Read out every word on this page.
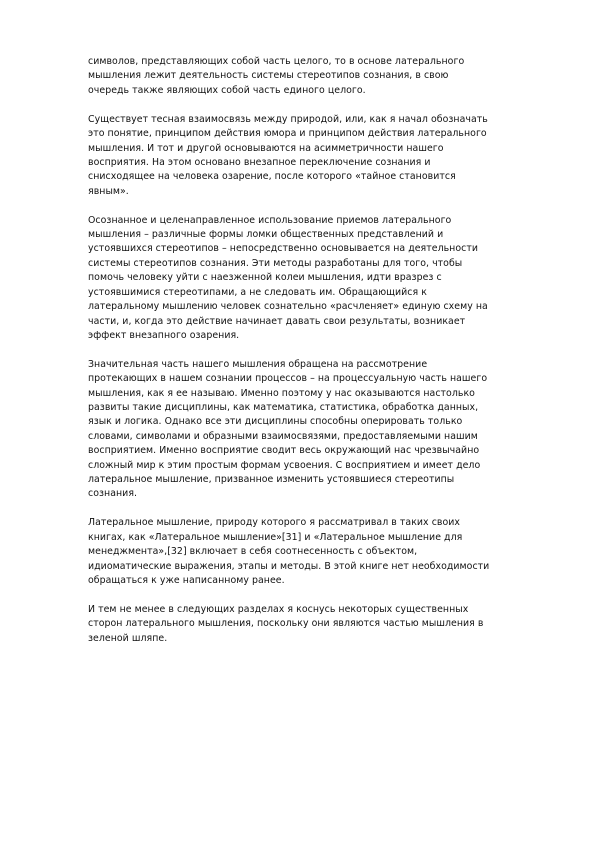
символов, представляющих собой часть целого, то в основе латерального
мышления лежит деятельность системы стереотипов сознания, в свою
очередь также являющих собой часть единого целого.

Существует тесная взаимосвязь между природой, или, как я начал обозначать
это понятие, принципом действия юмора и принципом действия латерального
мышления. И тот и другой основываются на асимметричности нашего
восприятия. На этом основано внезапное переключение сознания и
снисходящее на человека озарение, после которого «тайное становится
явным».

Осознанное и целенаправленное использование приемов латерального
мышления – различные формы ломки общественных представлений и
устоявшихся стереотипов – непосредственно основывается на деятельности
системы стереотипов сознания. Эти методы разработаны для того, чтобы
помочь человеку уйти с наезженной колеи мышления, идти вразрез с
устоявшимися стереотипами, а не следовать им. Обращающийся к
латеральному мышлению человек сознательно «расчленяет» единую схему на
части, и, когда это действие начинает давать свои результаты, возникает
эффект внезапного озарения.

Значительная часть нашего мышления обращена на рассмотрение
протекающих в нашем сознании процессов – на процессуальную часть нашего
мышления, как я ее называю. Именно поэтому у нас оказываются настолько
развиты такие дисциплины, как математика, статистика, обработка данных,
язык и логика. Однако все эти дисциплины способны оперировать только
словами, символами и образными взаимосвязями, предоставляемыми нашим
восприятием. Именно восприятие сводит весь окружающий нас чрезвычайно
сложный мир к этим простым формам усвоения. С восприятием и имеет дело
латеральное мышление, призванное изменить устоявшиеся стереотипы
сознания.

Латеральное мышление, природу которого я рассматривал в таких своих
книгах, как «Латеральное мышление»[31] и «Латеральное мышление для
менеджмента»,[32] включает в себя соотнесенность с объектом,
идиоматические выражения, этапы и методы. В этой книге нет необходимости
обращаться к уже написанному ранее.

И тем не менее в следующих разделах я коснусь некоторых существенных
сторон латерального мышления, поскольку они являются частью мышления в
зеленой шляпе.
